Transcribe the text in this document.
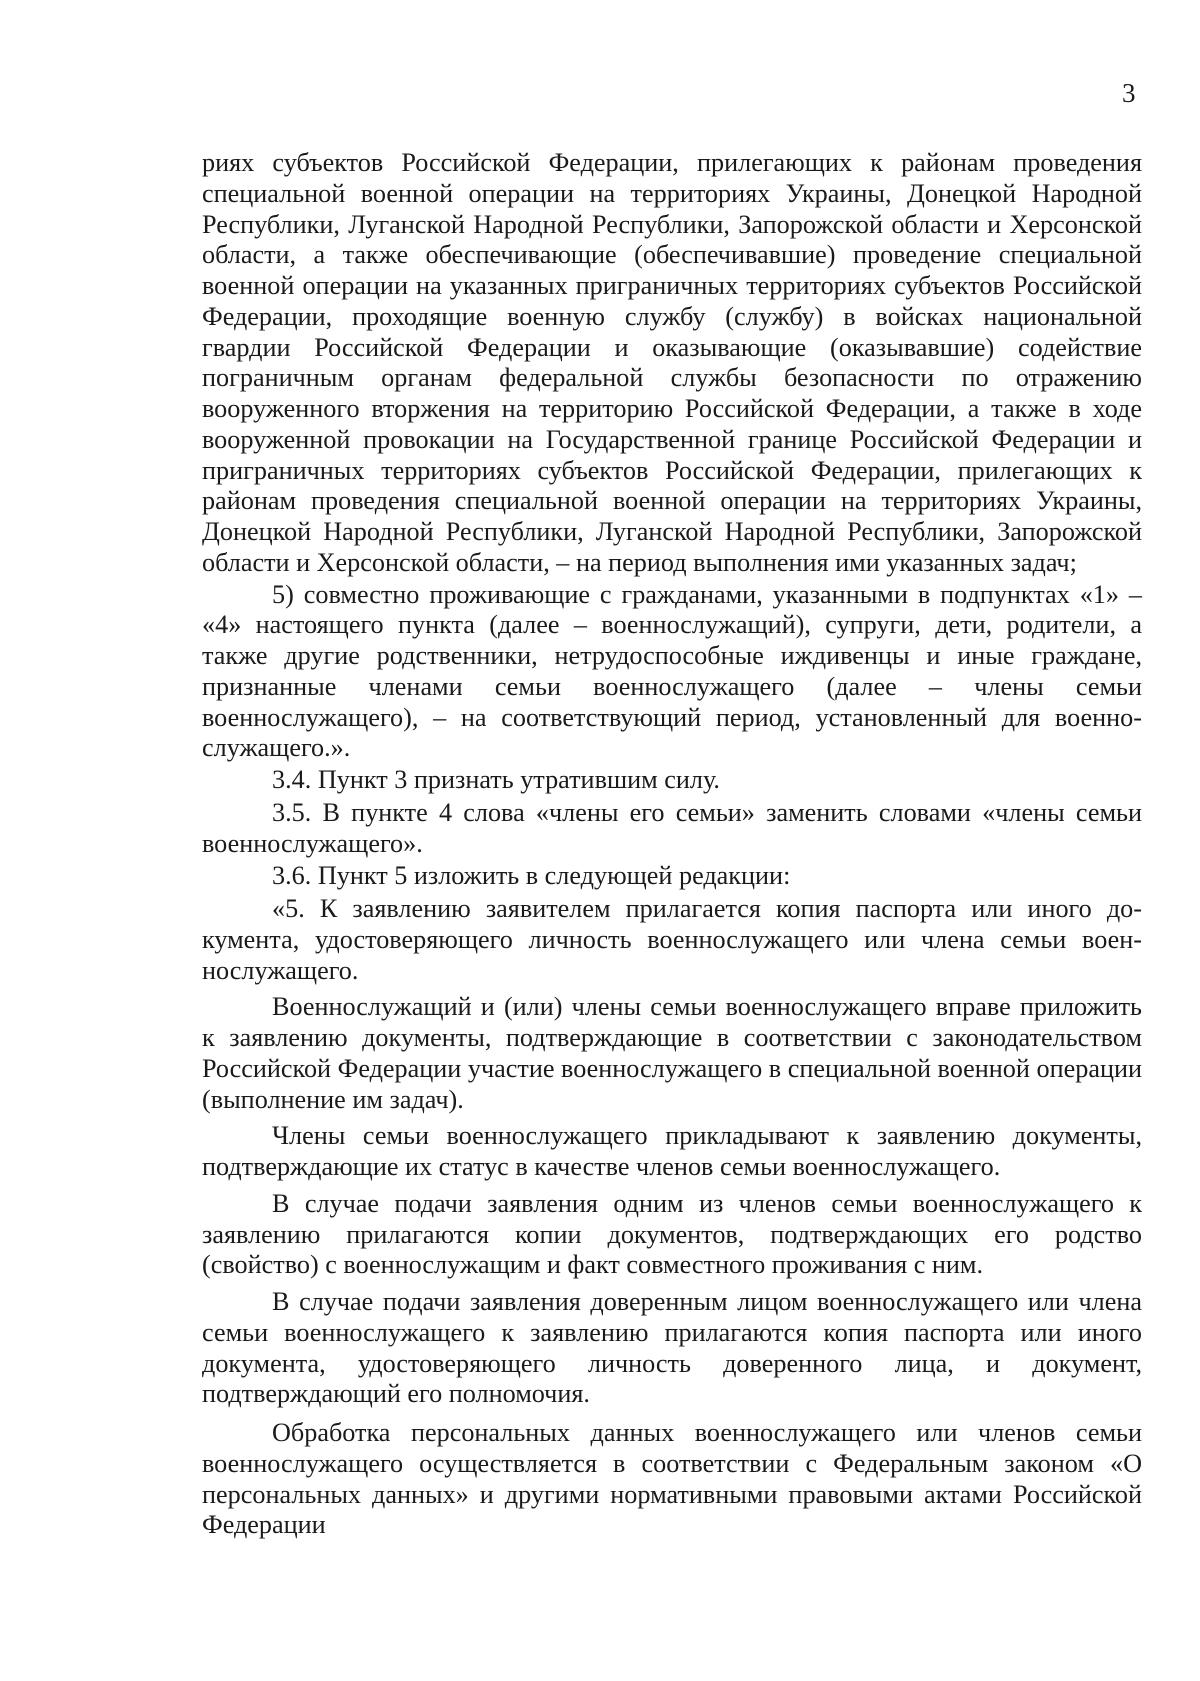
3

риях субъектов Российской Федерации, прилегающих к районам проведения специальной военной операции на территориях Украины, Донецкой Народной Республики, Луганской Народной Республики, Запорожской области и Херсонской области, а также обеспечивающие (обеспечивавшие) проведение специальной военной операции на указанных приграничных территориях субъектов Российской Федерации, проходящие военную службу (службу) в войсках национальной гвардии Российской Федерации и оказывающие (оказывавшие) содействие пограничным органам федеральной службы безопасности по отражению вооруженного вторжения на территорию Российской Федерации, а также в ходе вооруженной провокации на Государственной границе Российской Федерации и приграничных территориях субъектов Российской Федерации, прилегающих к районам проведения специальной военной операции на территориях Украины, Донецкой Народной Республики, Луганской Народной Республики, Запорожской области и Херсонской области, – на период выполнения ими указанных задач;

5) совместно проживающие с гражданами, указанными в подпунктах «1» – «4» настоящего пункта (далее – военнослужащий), супруги, дети, родители, а также другие родственники, нетрудоспособные иждивенцы и иные граждане, признанные членами семьи военнослужащего (далее – члены семьи военнослужащего), – на соответствующий период, установленный для военнослужащего.».

3.4. Пункт 3 признать утратившим силу.

3.5. В пункте 4 слова «члены его семьи» заменить словами «члены семьи военнослужащего».

3.6. Пункт 5 изложить в следующей редакции:

«5. К заявлению заявителем прилагается копия паспорта или иного документа, удостоверяющего личность военнослужащего или члена семьи военнослужащего.

Военнослужащий и (или) члены семьи военнослужащего вправе приложить к заявлению документы, подтверждающие в соответствии с законодательством Российской Федерации участие военнослужащего в специальной военной операции (выполнение им задач).

Члены семьи военнослужащего прикладывают к заявлению документы, подтверждающие их статус в качестве членов семьи военнослужащего.

В случае подачи заявления одним из членов семьи военнослужащего к заявлению прилагаются копии документов, подтверждающих его родство (свойство) с военнослужащим и факт совместного проживания с ним.

В случае подачи заявления доверенным лицом военнослужащего или члена семьи военнослужащего к заявлению прилагаются копия паспорта или иного документа, удостоверяющего личность доверенного лица, и документ, подтверждающий его полномочия.

Обработка персональных данных военнослужащего или членов семьи военнослужащего осуществляется в соответствии с Федеральным законом «О персональных данных» и другими нормативными правовыми актами Российской Федерации
